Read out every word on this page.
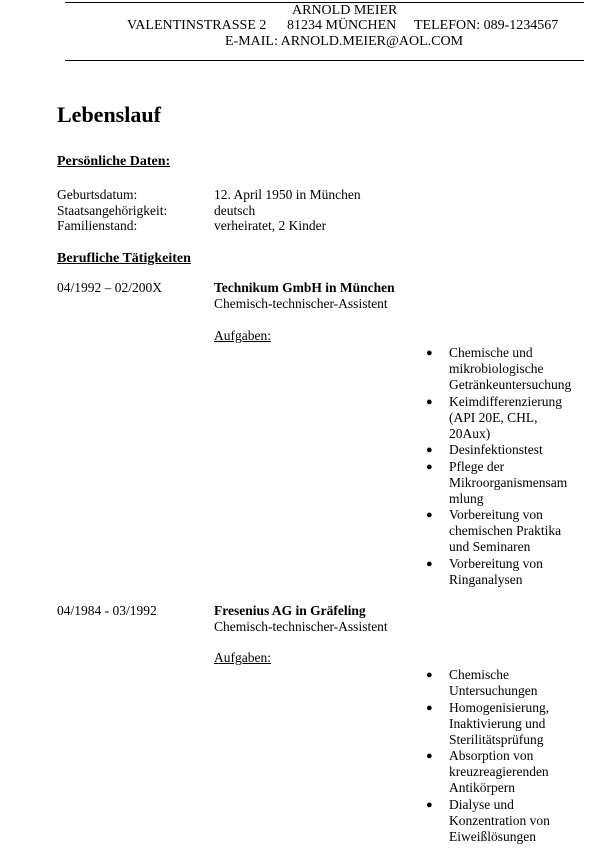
ARNOLD MEIER
VALENTINSTRASSE 2 81234 MÜNCHEN TELEFON: 089-1234567
E-MAIL: ARNOLD.MEIER@AOL.COM
Lebenslauf
Persönliche Daten:
Geburtsdatum:	12. April 1950 in München
Staatsangehörigkeit:	deutsch
Familienstand:	verheiratet, 2 Kinder
Berufliche Tätigkeiten
04/1992 – 02/200X	Technikum GmbH in München
Chemisch-technischer-Assistent
Aufgaben:
● Chemische und
mikrobiologische
Getränkeuntersuchung
● Keimdifferenzierung
(API 20E, CHL,
20Aux)
● Desinfektionstest
● Pflege der
Mikroorganismensam
mlung
● Vorbereitung von
chemischen Praktika
und Seminaren
● Vorbereitung von
Ringanalysen
04/1984 - 03/1992	Fresenius AG in Gräfeling
Chemisch-technischer-Assistent
Aufgaben:
● Chemische
Untersuchungen
● Homogenisierung,
Inaktivierung und
Sterilitätsprüfung
● Absorption von
kreuzreagierenden
Antikörpern
● Dialyse und
Konzentration von
Eiweißlösungen
